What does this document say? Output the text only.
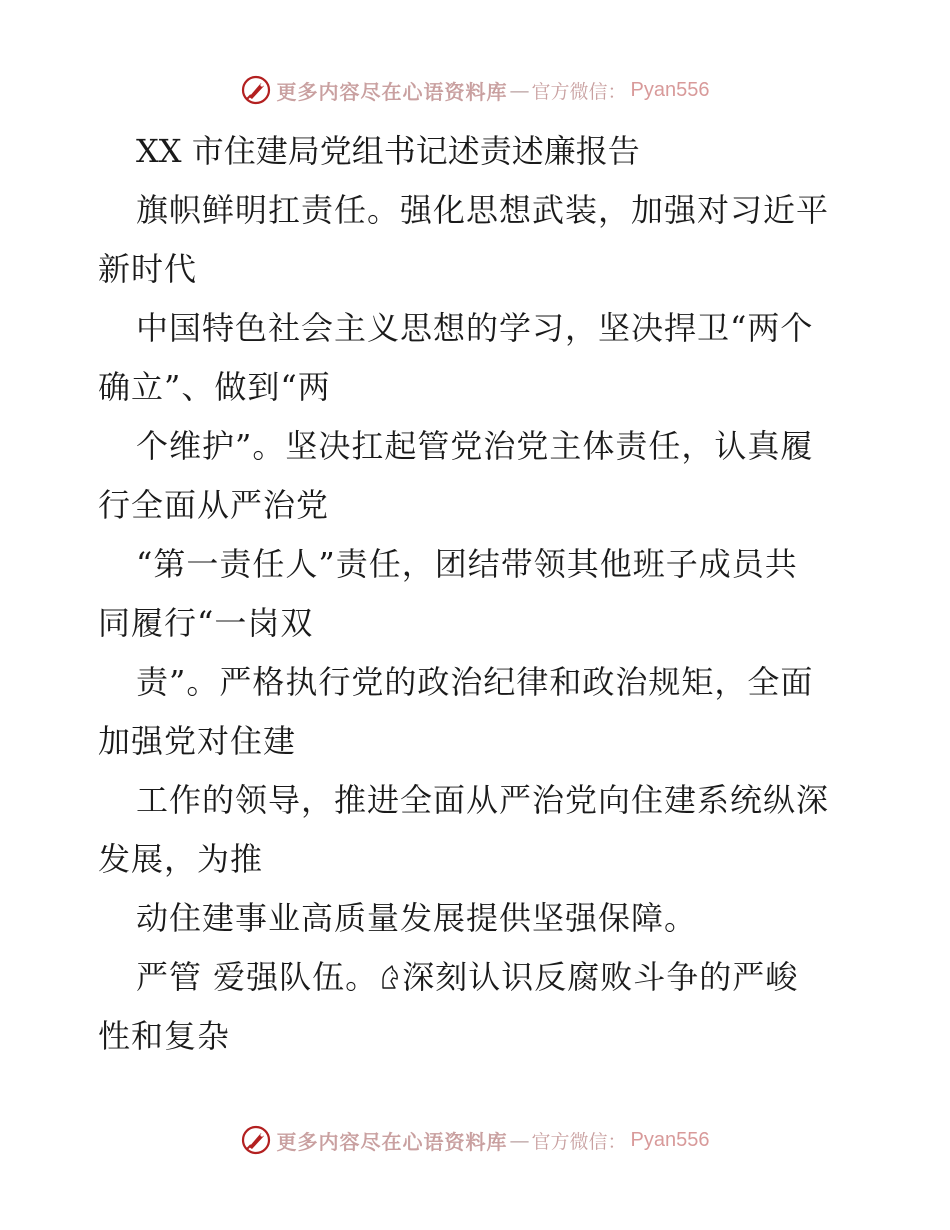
更多内容尽在心语资料库 — 官方微信： Pyan556
XX 市住建局党组书记述责述廉报告
旗帜鲜明扛责任。强化思想武装，加强对习近平
新时代
中国特色社会主义思想的学习，坚决捍卫“两个
确立”、做到“两
个维护”。坚决扛起管党治党主体责任，认真履
行全面从严治党
“第一责任人”责任，团结带领其他班子成员共
同履行“一岗双
责”。严格执行党的政治纪律和政治规矩，全面
加强党对住建
工作的领导，推进全面从严治党向住建系统纵深
发展，为推
动住建事业高质量发展提供坚强保障。
严管 爱强队伍。 深刻认识反腐败斗争的严峻
性和复杂
更多内容尽在心语资料库 — 官方微信： Pyan556
